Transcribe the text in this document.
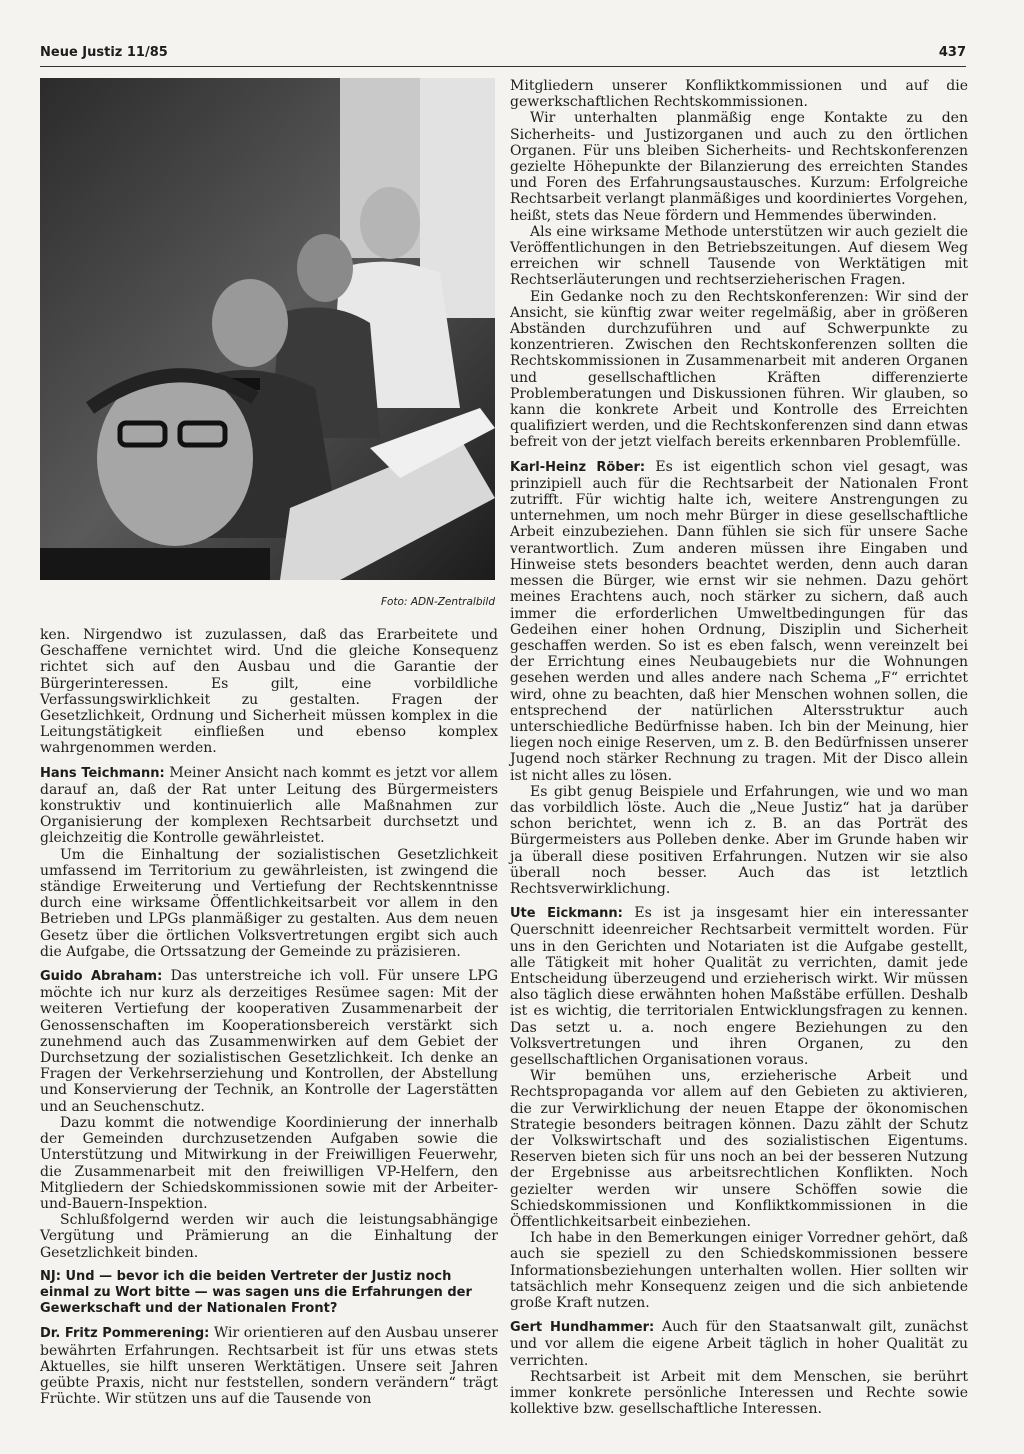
Neue Justiz 11/85	437
Foto: ADN-Zentralbild

ken. Nirgendwo ist zuzulassen, daß das Erarbeitete und Geschaffene vernichtet wird. Und die gleiche Konsequenz richtet sich auf den Ausbau und die Garantie der Bürgerinteressen. Es gilt, eine vorbildliche Verfassungswirklichkeit zu gestalten. Fragen der Gesetzlichkeit, Ordnung und Sicherheit müssen komplex in die Leitungstätigkeit einfließen und ebenso komplex wahrgenommen werden.

Hans Teichmann: Meiner Ansicht nach kommt es jetzt vor allem darauf an, daß der Rat unter Leitung des Bürgermeisters konstruktiv und kontinuierlich alle Maßnahmen zur Organisierung der komplexen Rechtsarbeit durchsetzt und gleichzeitig die Kontrolle gewährleistet.

Um die Einhaltung der sozialistischen Gesetzlichkeit umfassend im Territorium zu gewährleisten, ist zwingend die ständige Erweiterung und Vertiefung der Rechtskenntnisse durch eine wirksame Öffentlichkeitsarbeit vor allem in den Betrieben und LPGs planmäßiger zu gestalten. Aus dem neuen Gesetz über die örtlichen Volksvertretungen ergibt sich auch die Aufgabe, die Ortssatzung der Gemeinde zu präzisieren.

Guido Abraham: Das unterstreiche ich voll. Für unsere LPG möchte ich nur kurz als derzeitiges Resümee sagen: Mit der weiteren Vertiefung der kooperativen Zusammenarbeit der Genossenschaften im Kooperationsbereich verstärkt sich zunehmend auch das Zusammenwirken auf dem Gebiet der Durchsetzung der sozialistischen Gesetzlichkeit. Ich denke an Fragen der Verkehrserziehung und Kontrollen, der Abstellung und Konservierung der Technik, an Kontrolle der Lagerstätten und an Seuchenschutz.

Dazu kommt die notwendige Koordinierung der innerhalb der Gemeinden durchzusetzenden Aufgaben sowie die Unterstützung und Mitwirkung in der Freiwilligen Feuerwehr, die Zusammenarbeit mit den freiwilligen VP-Helfern, den Mitgliedern der Schiedskommissionen sowie mit der Arbeiter-und-Bauern-Inspektion.

Schlußfolgernd werden wir auch die leistungsabhängige Vergütung und Prämierung an die Einhaltung der Gesetzlichkeit binden.

NJ: Und — bevor ich die beiden Vertreter der Justiz noch einmal zu Wort bitte — was sagen uns die Erfahrungen der Gewerkschaft und der Nationalen Front?

Dr. Fritz Pommerening: Wir orientieren auf den Ausbau unserer bewährten Erfahrungen. Rechtsarbeit ist für uns etwas stets Aktuelles, sie hilft unseren Werktätigen. Unsere seit Jahren geübte Praxis, nicht nur feststellen, sondern verändern“ trägt Früchte. Wir stützen uns auf die Tausende von

Mitgliedern unserer Konfliktkommissionen und auf die gewerkschaftlichen Rechtskommissionen.

Wir unterhalten planmäßig enge Kontakte zu den Sicherheits- und Justizorganen und auch zu den örtlichen Organen. Für uns bleiben Sicherheits- und Rechtskonferenzen gezielte Höhepunkte der Bilanzierung des erreichten Standes und Foren des Erfahrungsaustausches. Kurzum: Erfolgreiche Rechtsarbeit verlangt planmäßiges und koordiniertes Vorgehen, heißt, stets das Neue fördern und Hemmendes überwinden.

Als eine wirksame Methode unterstützen wir auch gezielt die Veröffentlichungen in den Betriebszeitungen. Auf diesem Weg erreichen wir schnell Tausende von Werktätigen mit Rechtserläuterungen und rechtserzieherischen Fragen.

Ein Gedanke noch zu den Rechtskonferenzen: Wir sind der Ansicht, sie künftig zwar weiter regelmäßig, aber in größeren Abständen durchzuführen und auf Schwerpunkte zu konzentrieren. Zwischen den Rechtskonferenzen sollten die Rechtskommissionen in Zusammenarbeit mit anderen Organen und gesellschaftlichen Kräften differenzierte Problemberatungen und Diskussionen führen. Wir glauben, so kann die konkrete Arbeit und Kontrolle des Erreichten qualifiziert werden, und die Rechtskonferenzen sind dann etwas befreit von der jetzt vielfach bereits erkennbaren Problemfülle.

Karl-Heinz Röber: Es ist eigentlich schon viel gesagt, was prinzipiell auch für die Rechtsarbeit der Nationalen Front zutrifft. Für wichtig halte ich, weitere Anstrengungen zu unternehmen, um noch mehr Bürger in diese gesellschaftliche Arbeit einzubeziehen. Dann fühlen sie sich für unsere Sache verantwortlich. Zum anderen müssen ihre Eingaben und Hinweise stets besonders beachtet werden, denn auch daran messen die Bürger, wie ernst wir sie nehmen. Dazu gehört meines Erachtens auch, noch stärker zu sichern, daß auch immer die erforderlichen Umweltbedingungen für das Gedeihen einer hohen Ordnung, Disziplin und Sicherheit geschaffen werden. So ist es eben falsch, wenn vereinzelt bei der Errichtung eines Neubaugebiets nur die Wohnungen gesehen werden und alles andere nach Schema „F“ errichtet wird, ohne zu beachten, daß hier Menschen wohnen sollen, die entsprechend der natürlichen Altersstruktur auch unterschiedliche Bedürfnisse haben. Ich bin der Meinung, hier liegen noch einige Reserven, um z. B. den Bedürfnissen unserer Jugend noch stärker Rechnung zu tragen. Mit der Disco allein ist nicht alles zu lösen.

Es gibt genug Beispiele und Erfahrungen, wie und wo man das vorbildlich löste. Auch die „Neue Justiz“ hat ja darüber schon berichtet, wenn ich z. B. an das Porträt des Bürgermeisters aus Polleben denke. Aber im Grunde haben wir ja überall diese positiven Erfahrungen. Nutzen wir sie also überall noch besser. Auch das ist letztlich Rechtsverwirklichung.

Ute Eickmann: Es ist ja insgesamt hier ein interessanter Querschnitt ideenreicher Rechtsarbeit vermittelt worden. Für uns in den Gerichten und Notariaten ist die Aufgabe gestellt, alle Tätigkeit mit hoher Qualität zu verrichten, damit jede Entscheidung überzeugend und erzieherisch wirkt. Wir müssen also täglich diese erwähnten hohen Maßstäbe erfüllen. Deshalb ist es wichtig, die territorialen Entwicklungsfragen zu kennen. Das setzt u. a. noch engere Beziehungen zu den Volksvertretungen und ihren Organen, zu den gesellschaftlichen Organisationen voraus.

Wir bemühen uns, erzieherische Arbeit und Rechtspropaganda vor allem auf den Gebieten zu aktivieren, die zur Verwirklichung der neuen Etappe der ökonomischen Strategie besonders beitragen können. Dazu zählt der Schutz der Volkswirtschaft und des sozialistischen Eigentums. Reserven bieten sich für uns noch an bei der besseren Nutzung der Ergebnisse aus arbeitsrechtlichen Konflikten. Noch gezielter werden wir unsere Schöffen sowie die Schiedskommissionen und Konfliktkommissionen in die Öffentlichkeitsarbeit einbeziehen.

Ich habe in den Bemerkungen einiger Vorredner gehört, daß auch sie speziell zu den Schiedskommissionen bessere Informationsbeziehungen unterhalten wollen. Hier sollten wir tatsächlich mehr Konsequenz zeigen und die sich anbietende große Kraft nutzen.

Gert Hundhammer: Auch für den Staatsanwalt gilt, zunächst und vor allem die eigene Arbeit täglich in hoher Qualität zu verrichten.

Rechtsarbeit ist Arbeit mit dem Menschen, sie berührt immer konkrete persönliche Interessen und Rechte sowie kollektive bzw. gesellschaftliche Interessen.
